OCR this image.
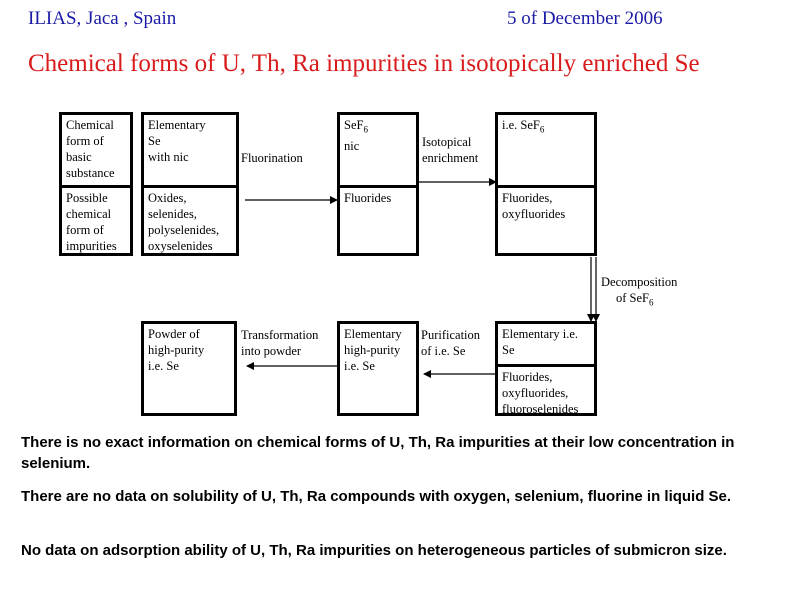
ILIAS, Jaca , Spain	5 of December 2006
Chemical forms of U, Th, Ra impurities in isotopically enriched Se
Chemical
form of
basic
substance
Possible
chemical
form of
impurities
Elementary
Se
with nic
Oxides,
selenides,
polyselenides,
oxyselenides
SeF$_6$
nic
Fluorides
i.e. SeF$_6$
Fluorides,
oxyfluorides
Elementary i.e.
Se
Fluorides,
oxyfluorides,
fluoroselenides
Elementary
high-purity
i.e. Se
Powder of
high-purity
i.e. Se
Fluorination
Isotopical
enrichment
Decomposition
of SeF$_6$
Purification
of i.e. Se
Transformation
into powder

There is no exact information on chemical forms of U, Th, Ra impurities at their low concentration in selenium.

There are no data on solubility of U, Th, Ra compounds with oxygen, selenium, fluorine in liquid Se.

No data on adsorption ability of U, Th, Ra impurities on heterogeneous particles of submicron size.
